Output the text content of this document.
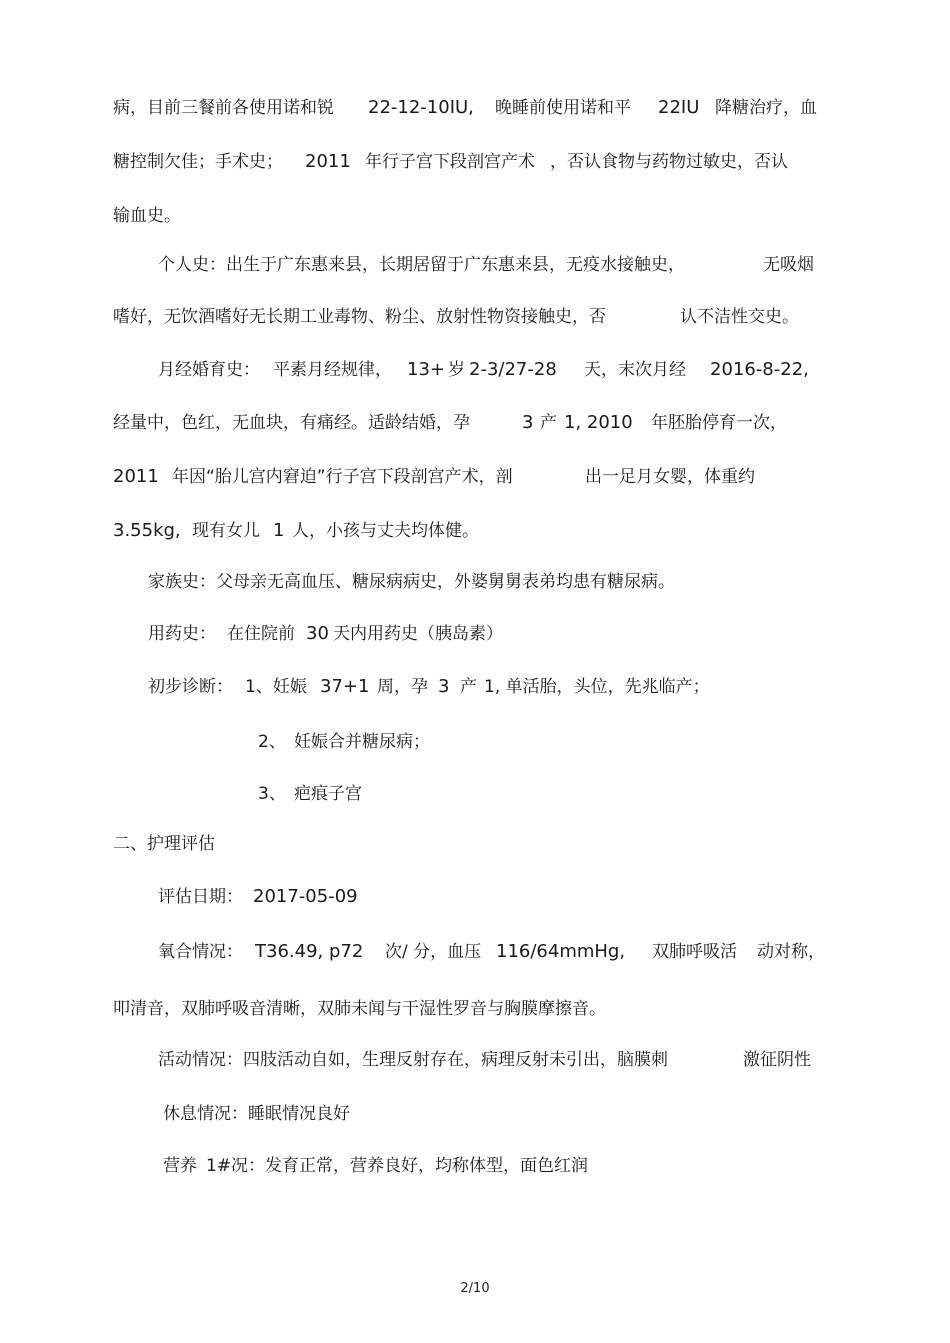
病，目前三餐前各使用诺和锐 22-12-10IU, 晚睡前使用诺和平 22IU 降糖治疗，血
糖控制欠佳；手术史； 2011 年行子宫下段剖宫产术 ，否认食物与药物过敏史，否认
输血史。
个人史：出生于广东惠来县，长期居留于广东惠来县，无疫水接触史，	无吸烟
嗜好，无饮酒嗜好无长期工业毒物、粉尘、放射性物资接触史，否	认不洁性交史。
月经婚育史： 平素月经规律， 13+ 岁 2-3/27-28 天，末次月经 2016-8-22,
经量中，色红，无血块，有痛经。适龄结婚，孕	3 产 1, 2010 年胚胎停育一次，
2011 年因“胎儿宫内窘迫”行子宫下段剖宫产术，剖	出一足月女婴，体重约
3.55kg, 现有女儿 1 人，小孩与丈夫均体健。
家族史：父母亲无高血压、糖尿病病史，外婆舅舅表弟均患有糖尿病。
用药史： 在住院前 30 天内用药史（胰岛素）
初步诊断： 1、妊娠 37+1 周，孕 3 产 1, 单活胎，头位，先兆临产；
2、 妊娠合并糖尿病；
3、 疤痕子宫
二、护理评估
评估日期： 2017-05-09
氧合情况： T36.49, p72 次/ 分，血压 116/64mmHg, 双肺呼吸活 动对称，
叩清音，双肺呼吸音清晰，双肺未闻与干湿性罗音与胸膜摩擦音。
活动情况：四肢活动自如，生理反射存在，病理反射未引出，脑膜刺	激征阴性
休息情况：睡眠情况良好
营养 1#况：发育正常，营养良好，均称体型，面色红润
2/10
